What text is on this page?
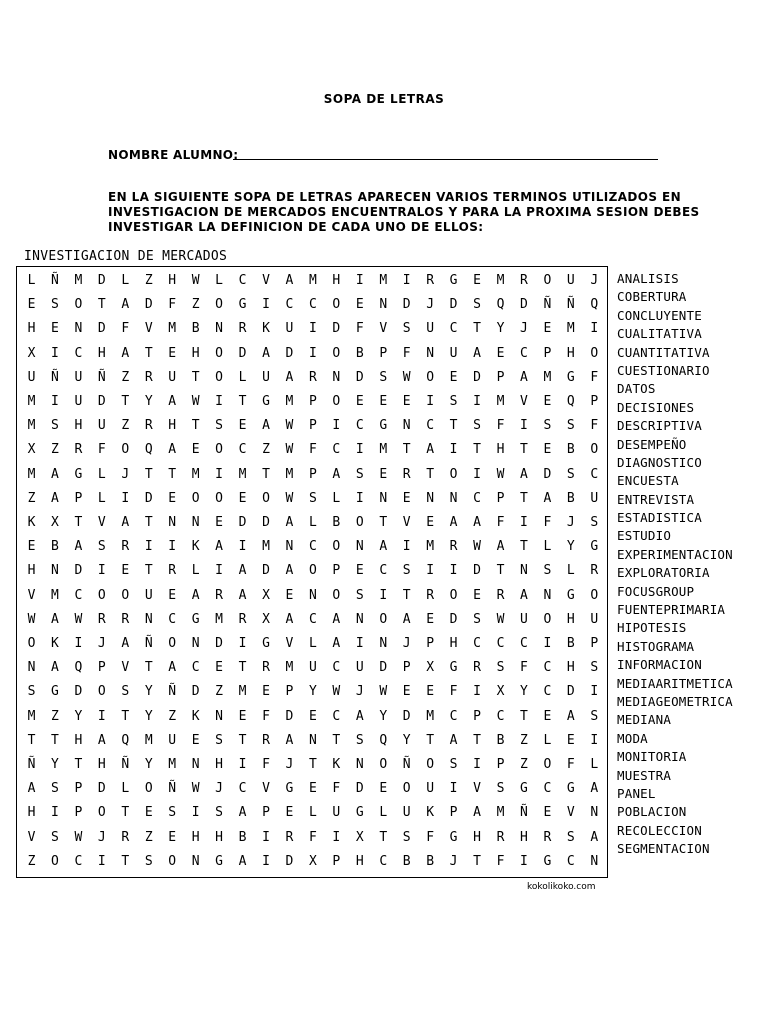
SOPA DE LETRAS
NOMBRE ALUMNO:
EN LA SIGUIENTE SOPA DE LETRAS APARECEN VARIOS TERMINOS UTILIZADOS EN
INVESTIGACION DE MERCADOS ENCUENTRALOS Y PARA LA PROXIMA SESION DEBES
INVESTIGAR LA DEFINICION DE CADA UNO DE ELLOS:
INVESTIGACION DE MERCADOS
L	Ñ	M	D	L	Z	H	W	L	C	V	A	M	H	I	M	I	R	G	E	M	R	O	U	J
E	S	O	T	A	D	F	Z	O	G	I	C	C	O	E	N	D	J	D	S	Q	D	Ñ	Ñ	Q
H	E	N	D	F	V	M	B	N	R	K	U	I	D	F	V	S	U	C	T	Y	J	E	M	I
X	I	C	H	A	T	E	H	O	D	A	D	I	O	B	P	F	N	U	A	E	C	P	H	O
U	Ñ	U	Ñ	Z	R	U	T	O	L	U	A	R	N	D	S	W	O	E	D	P	A	M	G	F
M	I	U	D	T	Y	A	W	I	T	G	M	P	O	E	E	E	I	S	I	M	V	E	Q	P
M	S	H	U	Z	R	H	T	S	E	A	W	P	I	C	G	N	C	T	S	F	I	S	S	F
X	Z	R	F	O	Q	A	E	O	C	Z	W	F	C	I	M	T	A	I	T	H	T	E	B	O
M	A	G	L	J	T	T	M	I	M	T	M	P	A	S	E	R	T	O	I	W	A	D	S	C
Z	A	P	L	I	D	E	O	O	E	O	W	S	L	I	N	E	N	N	C	P	T	A	B	U
K	X	T	V	A	T	N	N	E	D	D	A	L	B	O	T	V	E	A	A	F	I	F	J	S
E	B	A	S	R	I	I	K	A	I	M	N	C	O	N	A	I	M	R	W	A	T	L	Y	G
H	N	D	I	E	T	R	L	I	A	D	A	O	P	E	C	S	I	I	D	T	N	S	L	R
V	M	C	O	O	U	E	A	R	A	X	E	N	O	S	I	T	R	O	E	R	A	N	G	O
W	A	W	R	R	N	C	G	M	R	X	A	C	A	N	O	A	E	D	S	W	U	O	H	U
O	K	I	J	A	Ñ	O	N	D	I	G	V	L	A	I	N	J	P	H	C	C	C	I	B	P
N	A	Q	P	V	T	A	C	E	T	R	M	U	C	U	D	P	X	G	R	S	F	C	H	S
S	G	D	O	S	Y	Ñ	D	Z	M	E	P	Y	W	J	W	E	E	F	I	X	Y	C	D	I
M	Z	Y	I	T	Y	Z	K	N	E	F	D	E	C	A	Y	D	M	C	P	C	T	E	A	S
T	T	H	A	Q	M	U	E	S	T	R	A	N	T	S	Q	Y	T	A	T	B	Z	L	E	I
Ñ	Y	T	H	Ñ	Y	M	N	H	I	F	J	T	K	N	O	Ñ	O	S	I	P	Z	O	F	L
A	S	P	D	L	O	Ñ	W	J	C	V	G	E	F	D	E	O	U	I	V	S	G	C	G	A
H	I	P	O	T	E	S	I	S	A	P	E	L	U	G	L	U	K	P	A	M	Ñ	E	V	N
V	S	W	J	R	Z	E	H	H	B	I	R	F	I	X	T	S	F	G	H	R	H	R	S	A
Z	O	C	I	T	S	O	N	G	A	I	D	X	P	H	C	B	B	J	T	F	I	G	C	N
ANALISIS
COBERTURA
CONCLUYENTE
CUALITATIVA
CUANTITATIVA
CUESTIONARIO
DATOS
DECISIONES
DESCRIPTIVA
DESEMPEÑO
DIAGNOSTICO
ENCUESTA
ENTREVISTA
ESTADISTICA
ESTUDIO
EXPERIMENTACION
EXPLORATORIA
FOCUSGROUP
FUENTEPRIMARIA
HIPOTESIS
HISTOGRAMA
INFORMACION
MEDIAARITMETICA
MEDIAGEOMETRICA
MEDIANA
MODA
MONITORIA
MUESTRA
PANEL
POBLACION
RECOLECCION
SEGMENTACION
kokolikoko.com
